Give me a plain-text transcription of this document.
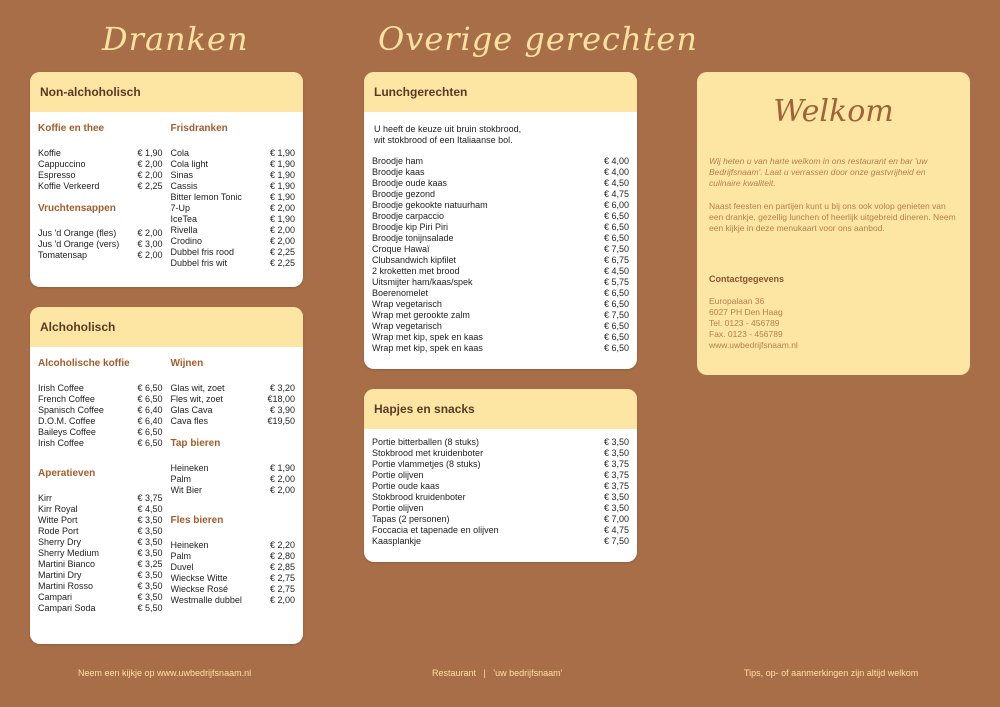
Dranken	Overige gerechten
Non-alchoholisch
Koffie en thee
Koffie	€ 1,90
Cappuccino	€ 2,00
Espresso	€ 2,00
Koffie Verkeerd	€ 2,25
Vruchtensappen
Jus 'd Orange (fles)	€ 2,00
Jus 'd Orange (vers)	€ 3,00
Tomatensap	€ 2,00
Frisdranken
Cola	€ 1,90
Cola light	€ 1,90
Sinas	€ 1,90
Cassis	€ 1,90
Bitter lemon Tonic	€ 1,90
7-Up	€ 2,00
IceTea	€ 1,90
Rivella	€ 2,00
Crodino	€ 2,00
Dubbel fris rood	€ 2,25
Dubbel fris wit	€ 2,25
Alchoholisch
Alcoholische koffie
Irish Coffee	€ 6,50
French Coffee	€ 6,50
Spanisch Coffee	€ 6,40
D.O.M. Coffee	€ 6,40
Baileys Coffee	€ 6,50
Irish Coffee	€ 6,50
Aperatieven
Kirr	€ 3,75
Kirr Royal	€ 4,50
Witte Port	€ 3,50
Rode Port	€ 3,50
Sherry Dry	€ 3,50
Sherry Medium	€ 3,50
Martini Bianco	€ 3,25
Martini Dry	€ 3,50
Martini Rosso	€ 3,50
Campari	€ 3,50
Campari Soda	€ 5,50
Wijnen
Glas wit, zoet	€ 3,20
Fles wit, zoet	€18,00
Glas Cava	€ 3,90
Cava fles	€19,50
Tap bieren
Heineken	€ 1,90
Palm	€ 2,00
Wit Bier	€ 2,00
Fles bieren
Heineken	€ 2,20
Palm	€ 2,80
Duvel	€ 2,85
Wieckse Witte	€ 2,75
Wieckse Rosé	€ 2,75
Westmalle dubbel	€ 2,00
Lunchgerechten
U heeft de keuze uit bruin stokbrood,
wit stokbrood of een Italiaanse bol.
Broodje ham	€ 4,00
Broodje kaas	€ 4,00
Broodje oude kaas	€ 4,50
Broodje gezond	€ 4,75
Broodje gekookte natuurham	€ 6,00
Broodje carpaccio	€ 6,50
Broodje kip Piri Piri	€ 6,50
Broodje tonijnsalade	€ 6,50
Croque Hawaï	€ 7,50
Clubsandwich kipfilet	€ 6,75
2 kroketten met brood	€ 4,50
Uitsmijter ham/kaas/spek	€ 5,75
Boerenomelet	€ 6,50
Wrap vegetarisch	€ 6,50
Wrap met gerookte zalm	€ 7,50
Wrap vegetarisch	€ 6,50
Wrap met kip, spek en kaas	€ 6,50
Wrap met kip, spek en kaas	€ 6,50
Hapjes en snacks
Portie bitterballen (8 stuks)	€ 3,50
Stokbrood met kruidenboter	€ 3,50
Portie vlammetjes (8 stuks)	€ 3,75
Portie olijven	€ 3,75
Portie oude kaas	€ 3,75
Stokbrood kruidenboter	€ 3,50
Portie olijven	€ 3,50
Tapas (2 personen)	€ 7,00
Foccacia et tapenade en olijven	€ 4,75
Kaasplankje	€ 7,50
Welkom

Wij heten u van harte welkom in ons restaurant en bar 'uw Bedrijfsnaam'. Laat u verrassen door onze gastvrijheid en culinaire kwaliteit.

Naast feesten en partijen kunt u bij ons ook volop genieten van een drankje, gezellig lunchen of heerlijk uitgebreid dineren. Neem een kijkje in deze menukaart voor ons aanbod.

Contactgegevens
Europalaan 36
6027 PH Den Haag
Tel. 0123 - 456789
Fax. 0123 - 456789
www.uwbedrijfsnaam.nl
Neem een kijkje op www.uwbedrijfsnaam.nl	Restaurant   |   'uw bedrijfsnaam'	Tips, op- of aanmerkingen zijn altijd welkom
